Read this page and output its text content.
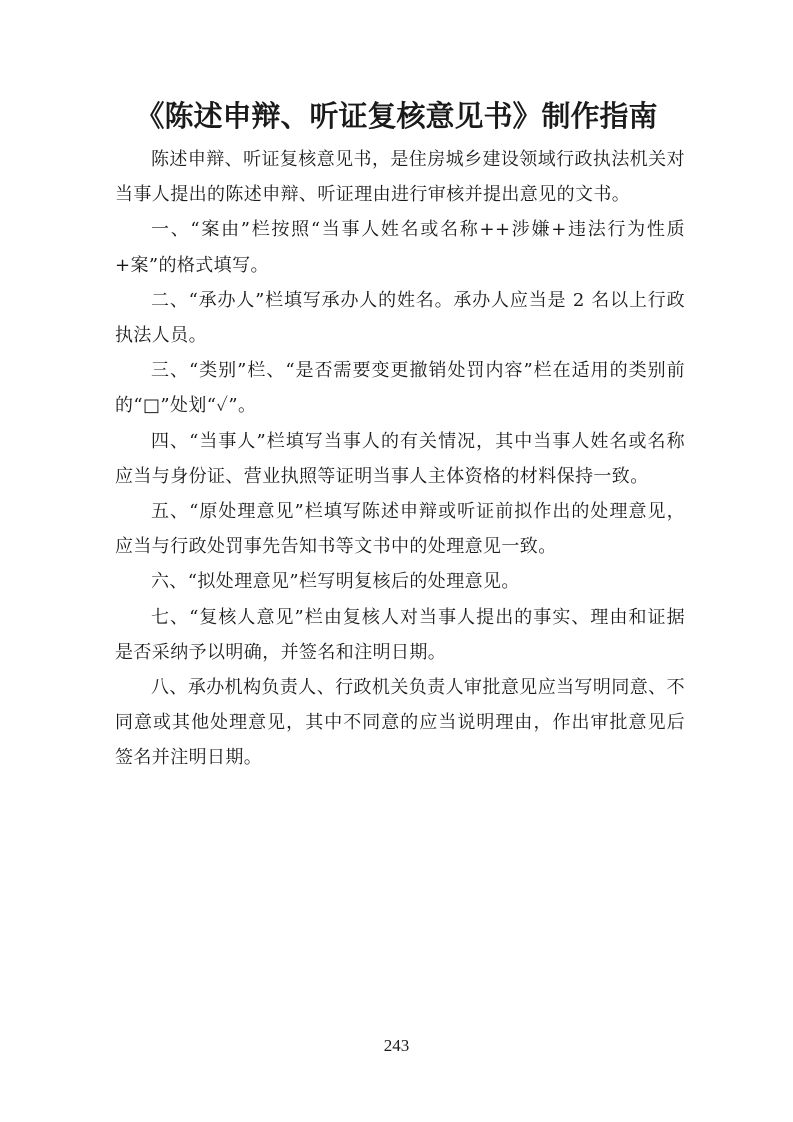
《陈述申辩、听证复核意见书》制作指南

陈述申辩、听证复核意见书，是住房城乡建设领域行政执法机关对当事人提出的陈述申辩、听证理由进行审核并提出意见的文书。

一、“案由”栏按照“当事人姓名或名称++涉嫌+违法行为性质+案”的格式填写。

二、“承办人”栏填写承办人的姓名。承办人应当是 2 名以上行政执法人员。

三、“类别”栏、“是否需要变更撤销处罚内容”栏在适用的类别前的“□”处划“✓”。

四、“当事人”栏填写当事人的有关情况，其中当事人姓名或名称应当与身份证、营业执照等证明当事人主体资格的材料保持一致。

五、“原处理意见”栏填写陈述申辩或听证前拟作出的处理意见，应当与行政处罚事先告知书等文书中的处理意见一致。

六、“拟处理意见”栏写明复核后的处理意见。

七、“复核人意见”栏由复核人对当事人提出的事实、理由和证据是否采纳予以明确，并签名和注明日期。

八、承办机构负责人、行政机关负责人审批意见应当写明同意、不同意或其他处理意见，其中不同意的应当说明理由，作出审批意见后签名并注明日期。

243
